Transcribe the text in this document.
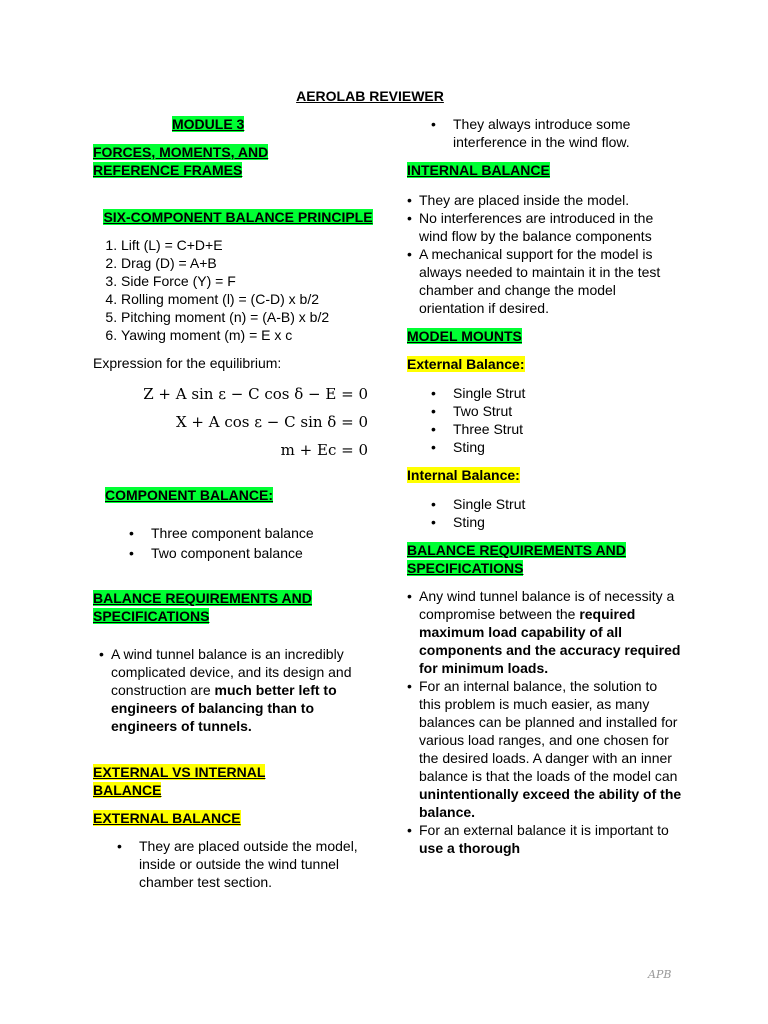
AEROLAB REVIEWER
MODULE 3
FORCES, MOMENTS, AND REFERENCE FRAMES
SIX-COMPONENT BALANCE PRINCIPLE
1. Lift (L) = C+D+E
2. Drag (D) = A+B
3. Side Force (Y) = F
4. Rolling moment (l) = (C-D) x b/2
5. Pitching moment (n) = (A-B) x b/2
6. Yawing moment (m) = E x c
Expression for the equilibrium:
Z + A sin ε − C cos δ − E = 0
X + A cos ε − C sin δ = 0
m + Ec = 0
COMPONENT BALANCE:
• Three component balance
• Two component balance
BALANCE REQUIREMENTS AND SPECIFICATIONS
• A wind tunnel balance is an incredibly complicated device, and its design and construction are much better left to engineers of balancing than to engineers of tunnels.
EXTERNAL VS INTERNAL BALANCE
EXTERNAL BALANCE
• They are placed outside the model, inside or outside the wind tunnel chamber test section.
• They always introduce some interference in the wind flow.
INTERNAL BALANCE
• They are placed inside the model.
• No interferences are introduced in the wind flow by the balance components
• A mechanical support for the model is always needed to maintain it in the test chamber and change the model orientation if desired.
MODEL MOUNTS
External Balance:
• Single Strut
• Two Strut
• Three Strut
• Sting
Internal Balance:
• Single Strut
• Sting
BALANCE REQUIREMENTS AND SPECIFICATIONS
• Any wind tunnel balance is of necessity a compromise between the required maximum load capability of all components and the accuracy required for minimum loads.
• For an internal balance, the solution to this problem is much easier, as many balances can be planned and installed for various load ranges, and one chosen for the desired loads. A danger with an inner balance is that the loads of the model can unintentionally exceed the ability of the balance.
• For an external balance it is important to use a thorough
APB
